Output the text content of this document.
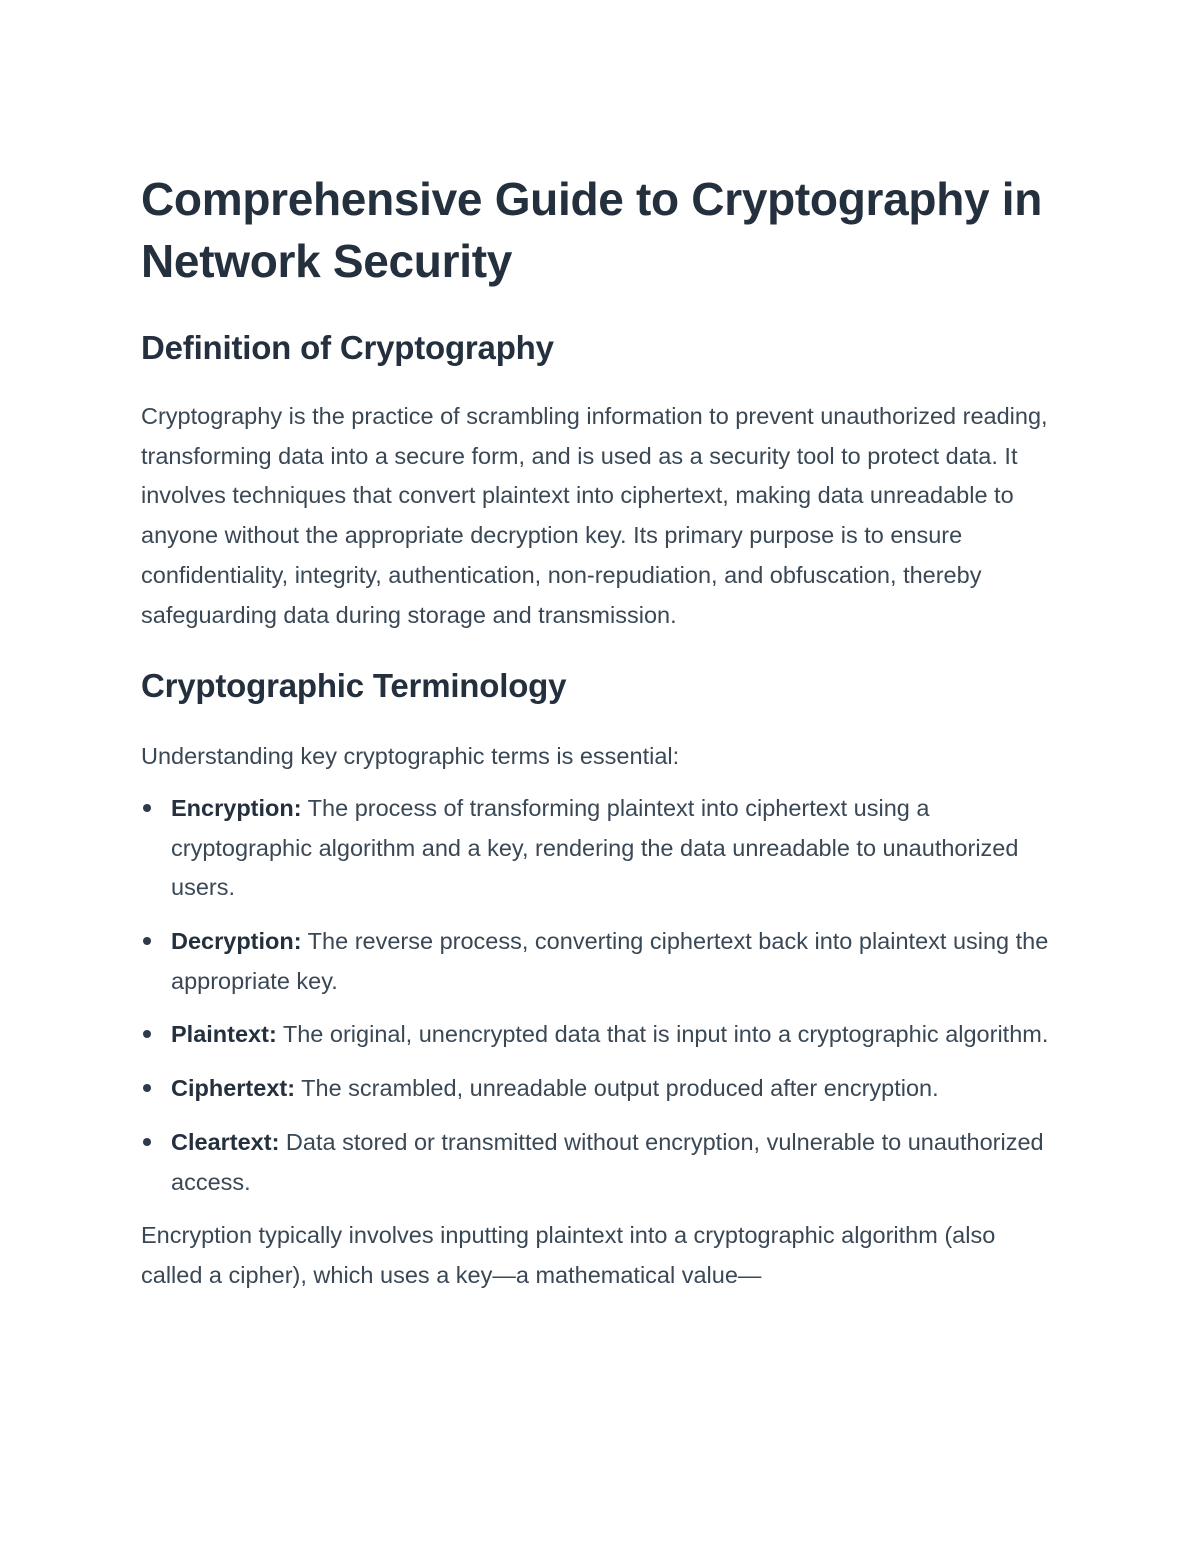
Comprehensive Guide to Cryptography in Network Security
Definition of Cryptography

Cryptography is the practice of scrambling information to prevent unauthorized reading, transforming data into a secure form, and is used as a security tool to protect data. It involves techniques that convert plaintext into ciphertext, making data unreadable to anyone without the appropriate decryption key. Its primary purpose is to ensure confidentiality, integrity, authentication, non-repudiation, and obfuscation, thereby safeguarding data during storage and transmission.

Cryptographic Terminology

Understanding key cryptographic terms is essential:

Encryption: The process of transforming plaintext into ciphertext using a cryptographic algorithm and a key, rendering the data unreadable to unauthorized users.
Decryption: The reverse process, converting ciphertext back into plaintext using the appropriate key.
Plaintext: The original, unencrypted data that is input into a cryptographic algorithm.
Ciphertext: The scrambled, unreadable output produced after encryption.
Cleartext: Data stored or transmitted without encryption, vulnerable to unauthorized access.

Encryption typically involves inputting plaintext into a cryptographic algorithm (also called a cipher), which uses a key—a mathematical value—
